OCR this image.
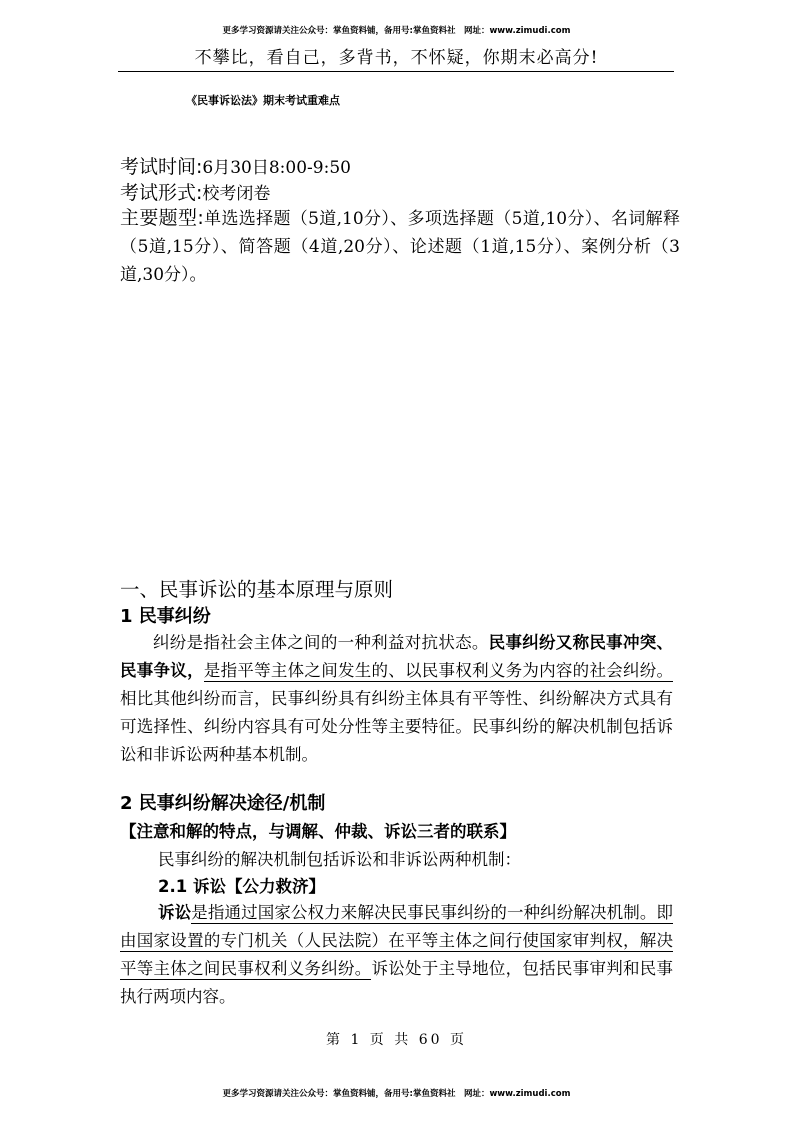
更多学习资源请关注公众号：掌鱼资料铺，备用号:掌鱼资料社　网址：www.zimudi.com
不攀比，看自己，多背书，不怀疑，你期末必高分!
《民事诉讼法》期末考试重难点
考试时间:6月30日8:00-9:50
考试形式:校考闭卷
主要题型:单选选择题（5道,10分）、多项选择题（5道,10分）、名词解释（5道,15分）、简答题（4道,20分）、论述题（1道,15分）、案例分析（3道,30分）。
一、民事诉讼的基本原理与原则
1 民事纠纷
纠纷是指社会主体之间的一种利益对抗状态。民事纠纷又称民事冲突、民事争议，是指平等主体之间发生的、以民事权利义务为内容的社会纠纷。相比其他纠纷而言，民事纠纷具有纠纷主体具有平等性、纠纷解决方式具有可选择性、纠纷内容具有可处分性等主要特征。民事纠纷的解决机制包括诉讼和非诉讼两种基本机制。
2 民事纠纷解决途径/机制
【注意和解的特点，与调解、仲裁、诉讼三者的联系】
民事纠纷的解决机制包括诉讼和非诉讼两种机制：
2.1 诉讼【公力救济】
诉讼是指通过国家公权力来解决民事民事纠纷的一种纠纷解决机制。即由国家设置的专门机关（人民法院）在平等主体之间行使国家审判权，解决平等主体之间民事权利义务纠纷。诉讼处于主导地位，包括民事审判和民事执行两项内容。
第 1 页 共 60 页
更多学习资源请关注公众号：掌鱼资料铺，备用号:掌鱼资料社　网址：www.zimudi.com
